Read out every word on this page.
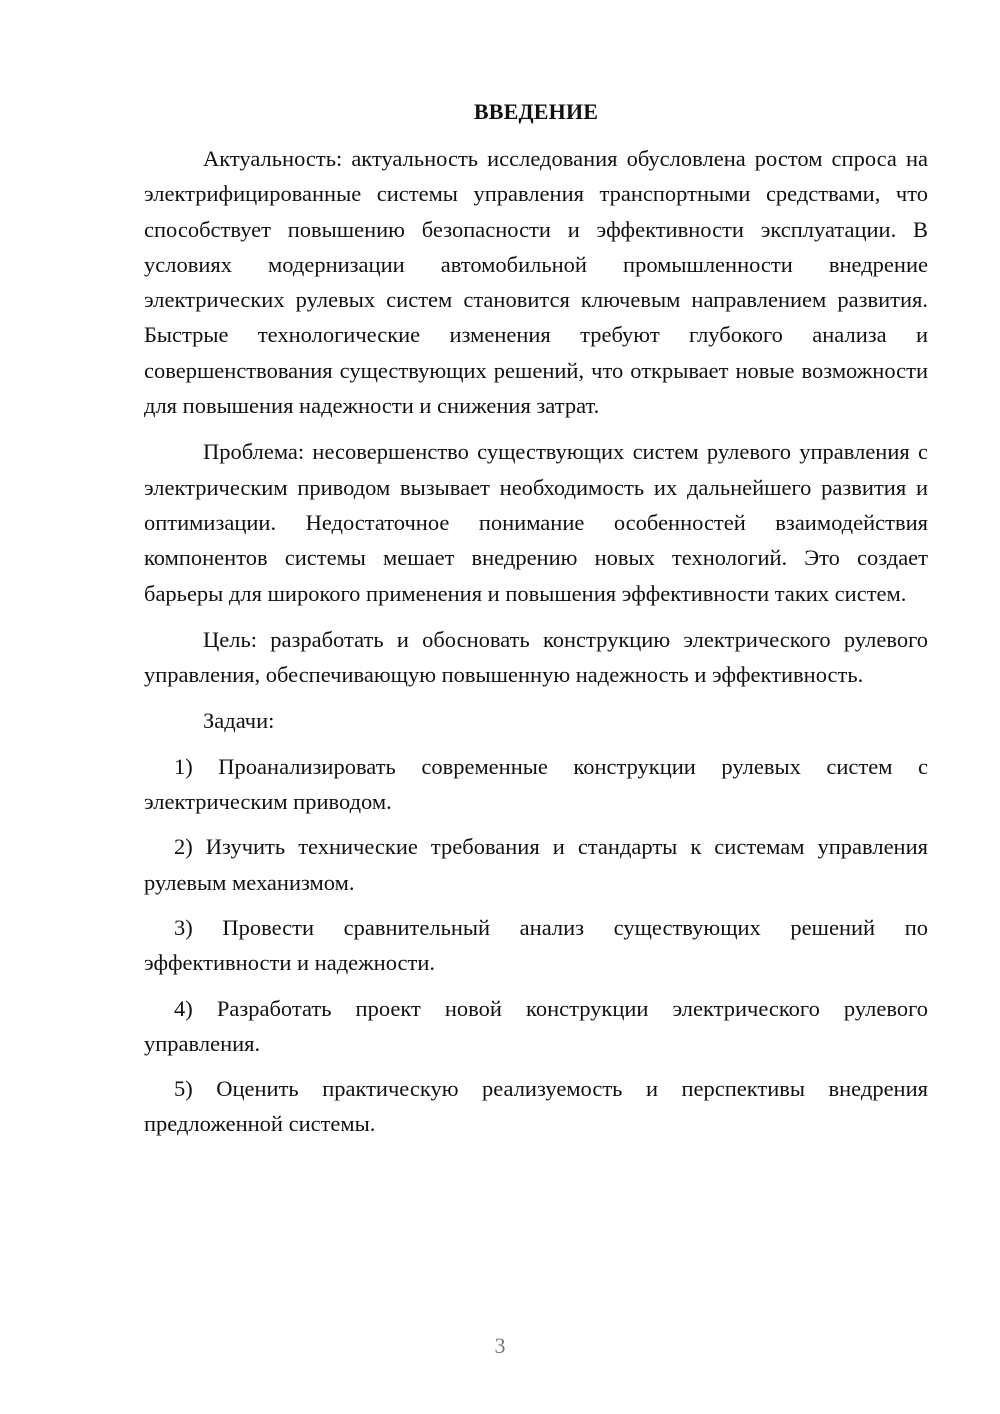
ВВЕДЕНИЕ

Актуальность: актуальность исследования обусловлена ростом спроса на электрифицированные системы управления транспортными средствами, что способствует повышению безопасности и эффективности эксплуатации. В условиях модернизации автомобильной промышленности внедрение электрических рулевых систем становится ключевым направлением развития. Быстрые технологические изменения требуют глубокого анализа и совершенствования существующих решений, что открывает новые возможности для повышения надежности и снижения затрат.

Проблема: несовершенство существующих систем рулевого управления с электрическим приводом вызывает необходимость их дальнейшего развития и оптимизации. Недостаточное понимание особенностей взаимодействия компонентов системы мешает внедрению новых технологий. Это создает барьеры для широкого применения и повышения эффективности таких систем.

Цель: разработать и обосновать конструкцию электрического рулевого управления, обеспечивающую повышенную надежность и эффективность.

Задачи:

1) Проанализировать современные конструкции рулевых систем с электрическим приводом.

2) Изучить технические требования и стандарты к системам управления рулевым механизмом.

3) Провести сравнительный анализ существующих решений по эффективности и надежности.

4) Разработать проект новой конструкции электрического рулевого управления.

5) Оценить практическую реализуемость и перспективы внедрения предложенной системы.

3
